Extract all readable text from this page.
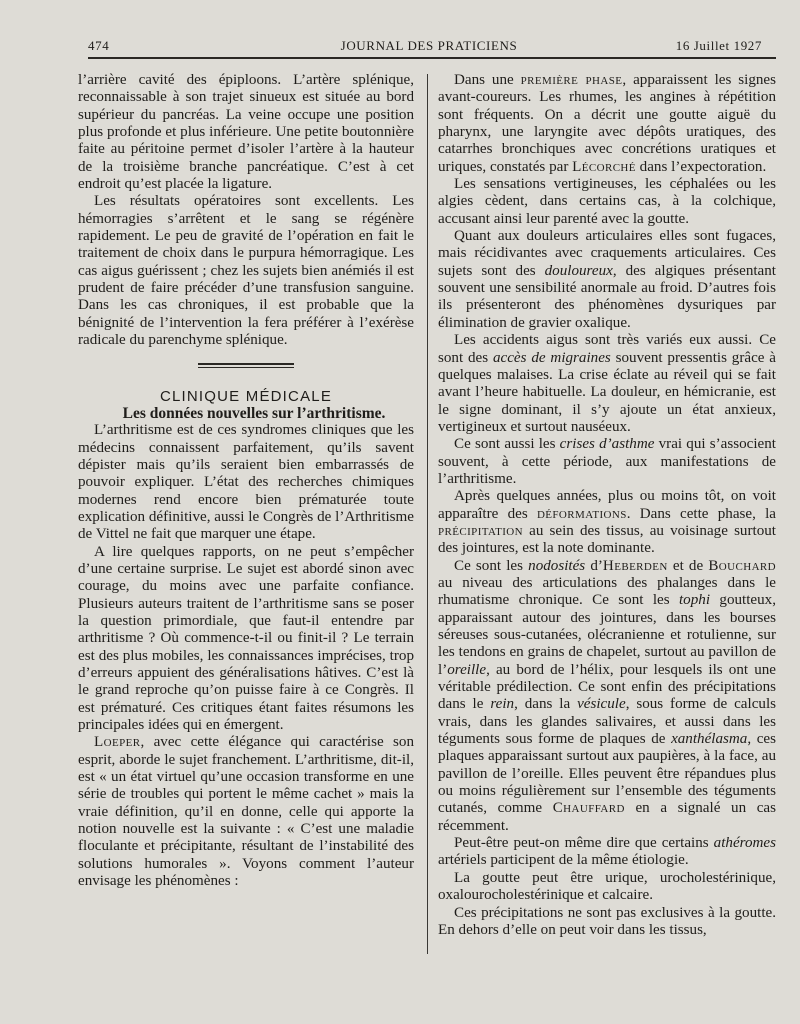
474	JOURNAL DES PRATICIENS	16 Juillet 1927

l’arrière cavité des épiploons. L’artère splénique, reconnaissable à son trajet sinueux est située au bord supérieur du pancréas. La veine occupe une position plus profonde et plus inférieure. Une petite boutonnière faite au péritoine permet d’isoler l’artère à la hauteur de la troisième branche pancréatique. C’est à cet endroit qu’est placée la ligature.

Les résultats opératoires sont excellents. Les hémorragies s’arrêtent et le sang se régénère rapidement. Le peu de gravité de l’opération en fait le traitement de choix dans le purpura hémorragique. Les cas aigus guérissent ; chez les sujets bien anémiés il est prudent de faire précéder d’une transfusion sanguine. Dans les cas chroniques, il est probable que la bénignité de l’intervention la fera préférer à l’exérèse radicale du parenchyme splénique.

CLINIQUE MÉDICALE

Les données nouvelles sur l’arthritisme.

L’arthritisme est de ces syndromes cliniques que les médecins connaissent parfaitement, qu’ils savent dépister mais qu’ils seraient bien embarrassés de pouvoir expliquer. L’état des recherches chimiques modernes rend encore bien prématurée toute explication définitive, aussi le Congrès de l’Arthritisme de Vittel ne fait que marquer une étape.

A lire quelques rapports, on ne peut s’empêcher d’une certaine surprise. Le sujet est abordé sinon avec courage, du moins avec une parfaite confiance. Plusieurs auteurs traitent de l’arthritisme sans se poser la question primordiale, que faut-il entendre par arthritisme ? Où commence-t-il ou finit-il ? Le terrain est des plus mobiles, les connaissances imprécises, trop d’erreurs appuient des généralisations hâtives. C’est là le grand reproche qu’on puisse faire à ce Congrès. Il est prématuré. Ces critiques étant faites résumons les principales idées qui en émergent.

Loeper, avec cette élégance qui caractérise son esprit, aborde le sujet franchement. L’arthritisme, dit-il, est « un état virtuel qu’une occasion transforme en une série de troubles qui portent le même cachet » mais la vraie définition, qu’il en donne, celle qui apporte la notion nouvelle est la suivante : « C’est une maladie floculante et précipitante, résultant de l’instabilité des solutions humorales ». Voyons comment l’auteur envisage les phénomènes :

Dans une première phase, apparaissent les signes avant-coureurs. Les rhumes, les angines à répétition sont fréquents. On a décrit une goutte aiguë du pharynx, une laryngite avec dépôts uratiques, des catarrhes bronchiques avec concrétions uratiques et uriques, constatés par Lécorché dans l’expectoration.

Les sensations vertigineuses, les céphalées ou les algies cèdent, dans certains cas, à la colchique, accusant ainsi leur parenté avec la goutte.

Quant aux douleurs articulaires elles sont fugaces, mais récidivantes avec craquements articulaires. Ces sujets sont des douloureux, des algiques présentant souvent une sensibilité anormale au froid. D’autres fois ils présenteront des phénomènes dysuriques par élimination de gravier oxalique.

Les accidents aigus sont très variés eux aussi. Ce sont des accès de migraines souvent pressentis grâce à quelques malaises. La crise éclate au réveil qui se fait avant l’heure habituelle. La douleur, en hémicranie, est le signe dominant, il s’y ajoute un état anxieux, vertigineux et surtout nauséeux.

Ce sont aussi les crises d’asthme vrai qui s’associent souvent, à cette période, aux manifestations de l’arthritisme.

Après quelques années, plus ou moins tôt, on voit apparaître des déformations. Dans cette phase, la précipitation au sein des tissus, au voisinage surtout des jointures, est la note dominante.

Ce sont les nodosités d’Heberden et de Bouchard au niveau des articulations des phalanges dans le rhumatisme chronique. Ce sont les tophi goutteux, apparaissant autour des jointures, dans les bourses séreuses sous-cutanées, olécranienne et rotulienne, sur les tendons en grains de chapelet, surtout au pavillon de l’oreille, au bord de l’hélix, pour lesquels ils ont une véritable prédilection. Ce sont enfin des précipitations dans le rein, dans la vésicule, sous forme de calculs vrais, dans les glandes salivaires, et aussi dans les téguments sous forme de plaques de xanthélasma, ces plaques apparaissant surtout aux paupières, à la face, au pavillon de l’oreille. Elles peuvent être répandues plus ou moins régulièrement sur l’ensemble des téguments cutanés, comme Chauffard en a signalé un cas récemment.

Peut-être peut-on même dire que certains athéromes artériels participent de la même étiologie.

La goutte peut être urique, urocholestérinique, oxalourocholestérinique et calcaire.

Ces précipitations ne sont pas exclusives à la goutte. En dehors d’elle on peut voir dans les tissus,
